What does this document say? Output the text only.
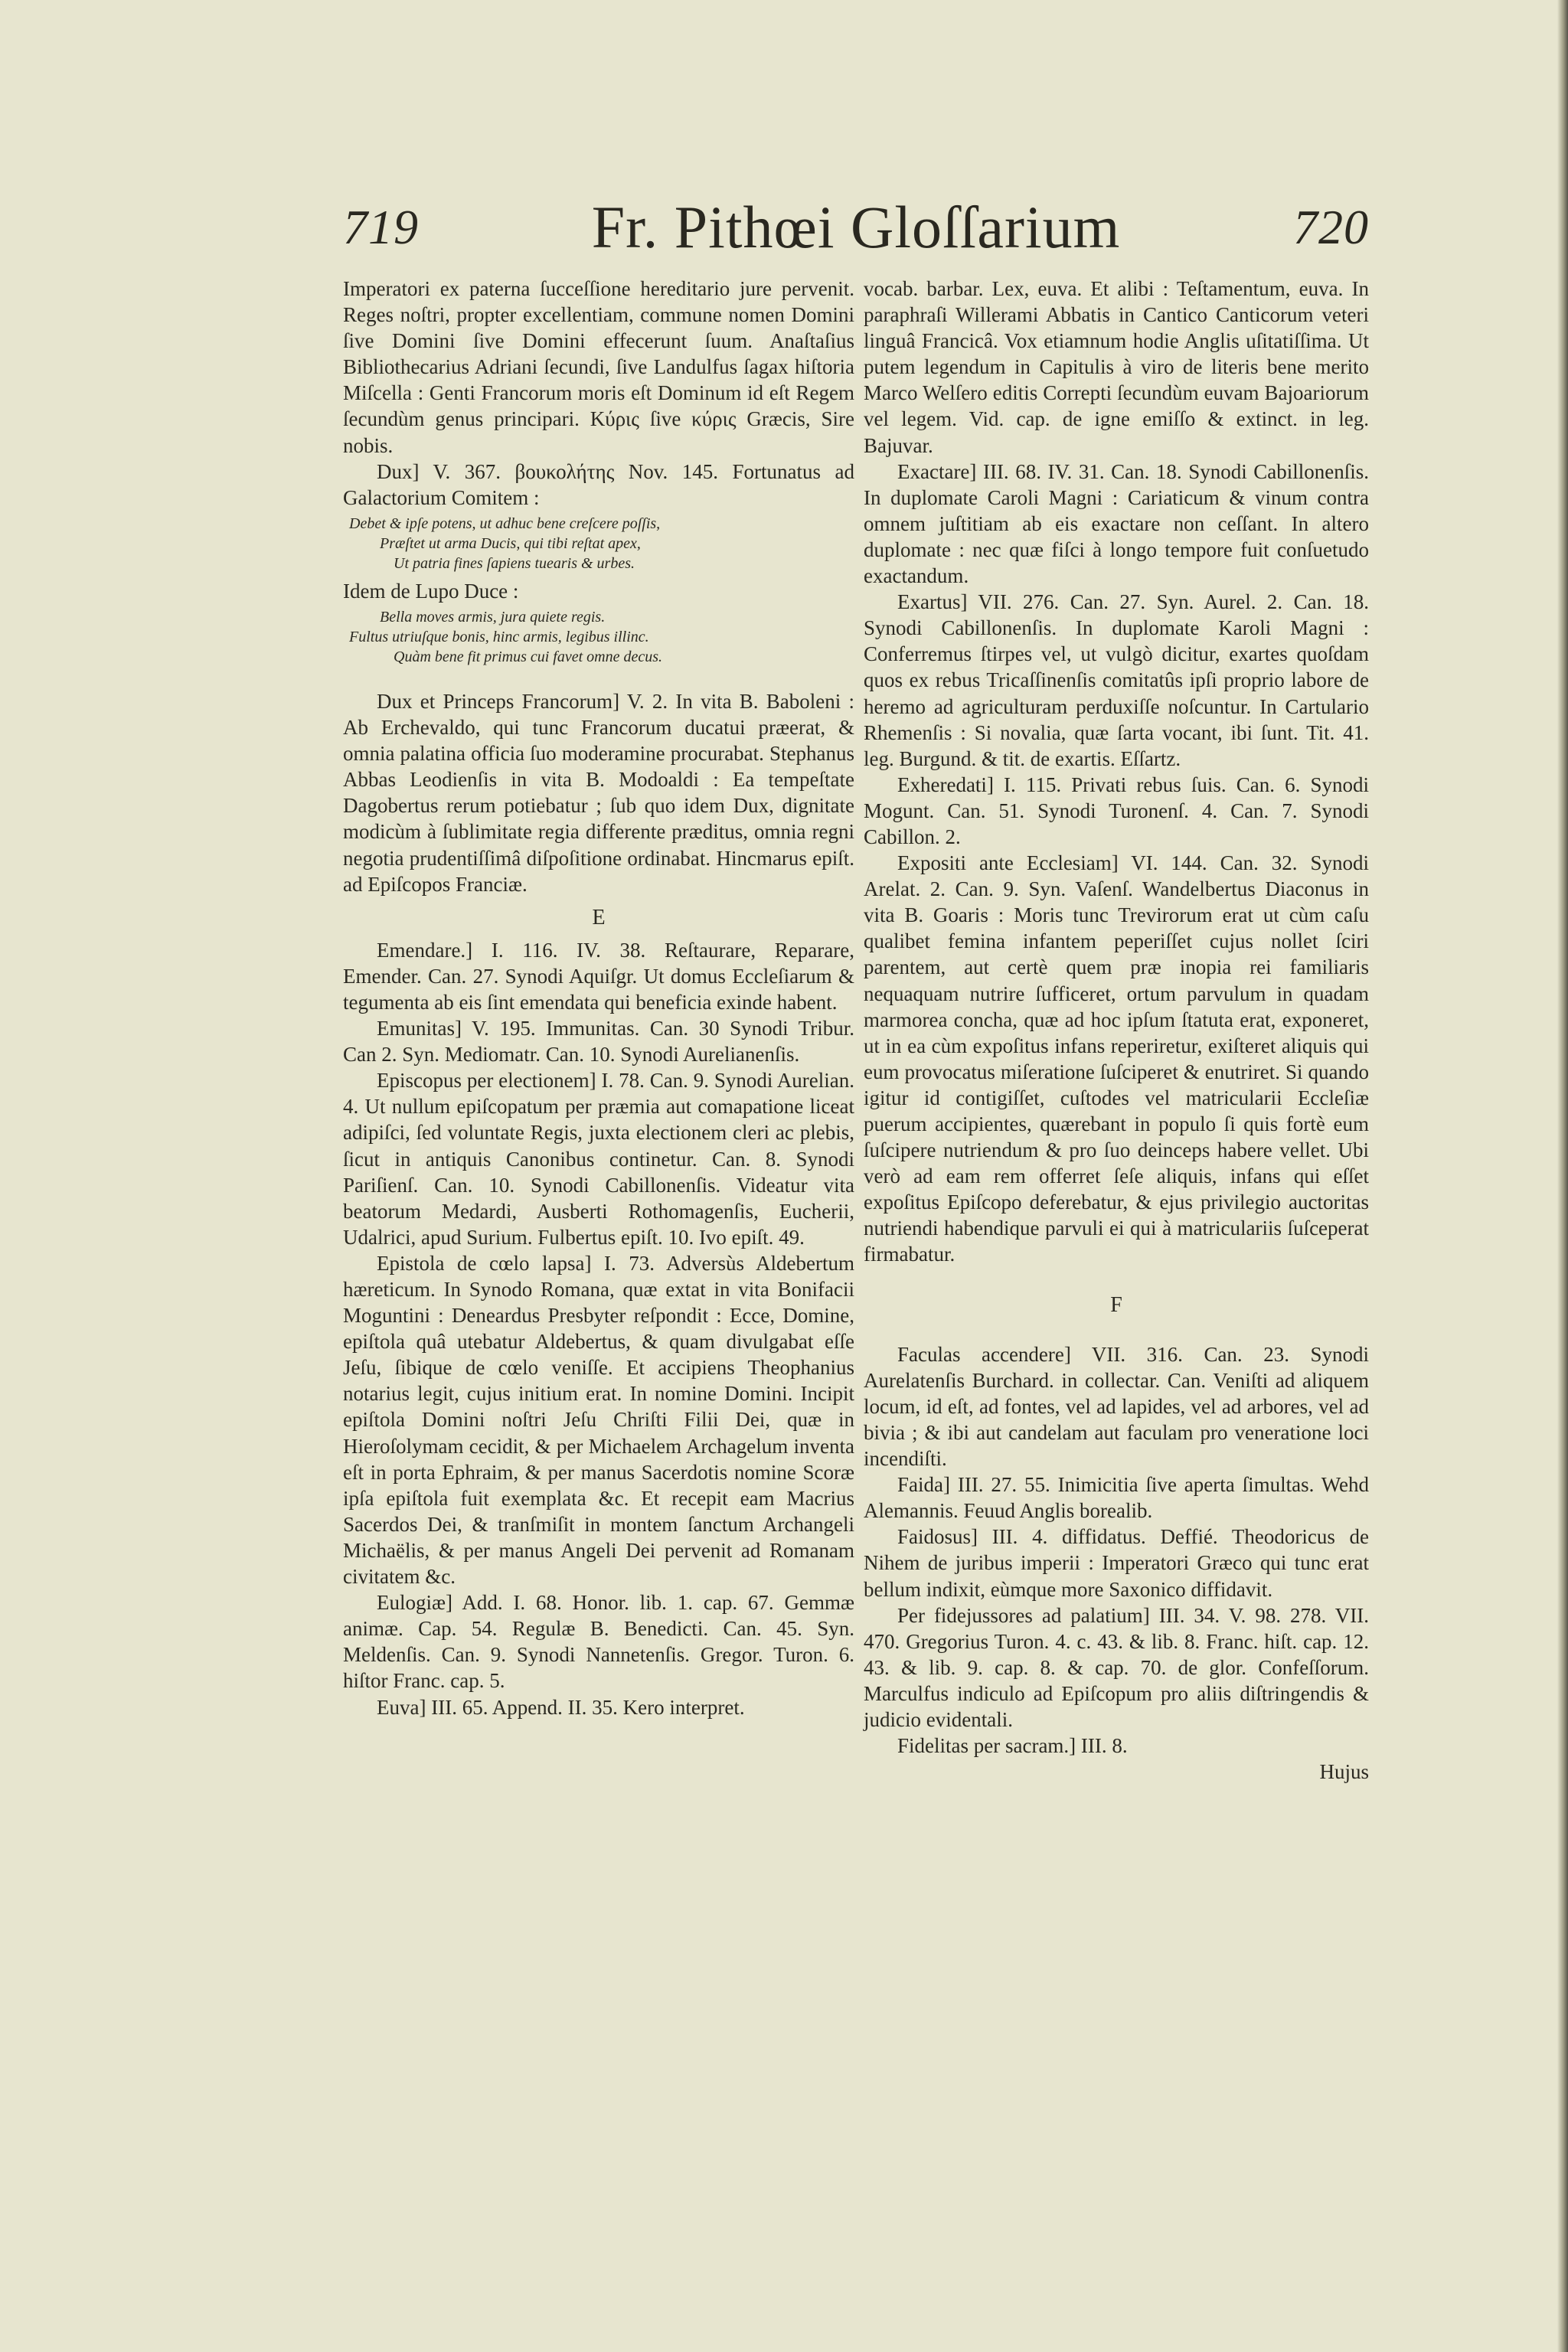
719	Fr. Pithœi Gloſſarium	720

Imperatori ex paterna ſucceſſione hereditario jure pervenit. Reges noſtri, propter excellentiam, commune nomen Domini ſive Domini ſive Domini effecerunt ſuum. Anaſtaſius Bibliothecarius Adriani ſecundi, ſive Landulfus ſagax hiſtoria Miſcella : Genti Francorum moris eſt Dominum id eſt Regem ſecundùm genus principari. Κύρις ſive κύρις Græcis, Sire nobis.

Dux] V. 367. βουκολήτης Nov. 145. Fortunatus ad Galactorium Comitem :

Debet & ipſe potens, ut adhuc bene creſcere poſſis,
Præſtet ut arma Ducis, qui tibi reſtat apex,
Ut patria fines ſapiens tuearis & urbes.

Idem de Lupo Duce :

Bella moves armis, jura quiete regis.
Fultus utriuſque bonis, hinc armis, legibus illinc.
Quàm bene fit primus cui favet omne decus.

Dux et Princeps Francorum] V. 2. In vita B. Baboleni : Ab Erchevaldo, qui tunc Francorum ducatui præerat, & omnia palatina officia ſuo moderamine procurabat. Stephanus Abbas Leodienſis in vita B. Modoaldi : Ea tempeſtate Dagobertus rerum potiebatur ; ſub quo idem Dux, dignitate modicùm à ſublimitate regia differente præditus, omnia regni negotia prudentiſſimâ diſpoſitione ordinabat. Hincmarus epiſt. ad Epiſcopos Franciæ.

E

Emendare.] I. 116. IV. 38. Reſtaurare, Reparare, Emender. Can. 27. Synodi Aquiſgr. Ut domus Eccleſiarum & tegumenta ab eis ſint emendata qui beneficia exinde habent.

Emunitas] V. 195. Immunitas. Can. 30 Synodi Tribur. Can 2. Syn. Mediomatr. Can. 10. Synodi Aurelianenſis.

Episcopus per electionem] I. 78. Can. 9. Synodi Aurelian. 4. Ut nullum epiſcopatum per præmia aut comapatione liceat adipiſci, ſed voluntate Regis, juxta electionem cleri ac plebis, ſicut in antiquis Canonibus continetur. Can. 8. Synodi Pariſienſ. Can. 10. Synodi Cabillonenſis. Videatur vita beatorum Medardi, Ausberti Rothomagenſis, Eucherii, Udalrici, apud Surium. Fulbertus epiſt. 10. Ivo epiſt. 49.

Epistola de cœlo lapsa] I. 73. Adversùs Aldebertum hæreticum. In Synodo Romana, quæ extat in vita Bonifacii Moguntini : Deneardus Presbyter reſpondit : Ecce, Domine, epiſtola quâ utebatur Aldebertus, & quam divulgabat eſſe Jeſu, ſibique de cœlo veniſſe. Et accipiens Theophanius notarius legit, cujus initium erat. In nomine Domini. Incipit epiſtola Domini noſtri Jeſu Chriſti Filii Dei, quæ in Hieroſolymam cecidit, & per Michaelem Archagelum inventa eſt in porta Ephraim, & per manus Sacerdotis nomine Scoræ ipſa epiſtola fuit exemplata &c. Et recepit eam Macrius Sacerdos Dei, & tranſmiſit in montem ſanctum Archangeli Michaëlis, & per manus Angeli Dei pervenit ad Romanam civitatem &c.

Eulogiæ] Add. I. 68. Honor. lib. 1. cap. 67. Gemmæ animæ. Cap. 54. Regulæ B. Benedicti. Can. 45. Syn. Meldenſis. Can. 9. Synodi Nannetenſis. Gregor. Turon. 6. hiſtor Franc. cap. 5.

Euva] III. 65. Append. II. 35. Kero interpret.

vocab. barbar. Lex, euva. Et alibi : Teſtamentum, euva. In paraphraſi Willerami Abbatis in Cantico Canticorum veteri linguâ Francicâ. Vox etiamnum hodie Anglis uſitatiſſima. Ut putem legendum in Capitulis à viro de literis bene merito Marco Welſero editis Correpti ſecundùm euvam Bajoariorum vel legem. Vid. cap. de igne emiſſo & extinct. in leg. Bajuvar.

Exactare] III. 68. IV. 31. Can. 18. Synodi Cabillonenſis. In duplomate Caroli Magni : Cariaticum & vinum contra omnem juſtitiam ab eis exactare non ceſſant. In altero duplomate : nec quæ fiſci à longo tempore fuit conſuetudo exactandum.

Exartus] VII. 276. Can. 27. Syn. Aurel. 2. Can. 18. Synodi Cabillonenſis. In duplomate Karoli Magni : Conferremus ſtirpes vel, ut vulgò dicitur, exartes quoſdam quos ex rebus Tricaſſinenſis comitatûs ipſi proprio labore de heremo ad agriculturam perduxiſſe noſcuntur. In Cartulario Rhemenſis : Si novalia, quæ ſarta vocant, ibi ſunt. Tit. 41. leg. Burgund. & tit. de exartis. Eſſartz.

Exheredati] I. 115. Privati rebus ſuis. Can. 6. Synodi Mogunt. Can. 51. Synodi Turonenſ. 4. Can. 7. Synodi Cabillon. 2.

Expositi ante Ecclesiam] VI. 144. Can. 32. Synodi Arelat. 2. Can. 9. Syn. Vaſenſ. Wandelbertus Diaconus in vita B. Goaris : Moris tunc Trevirorum erat ut cùm caſu qualibet femina infantem peperiſſet cujus nollet ſciri parentem, aut certè quem præ inopia rei familiaris nequaquam nutrire ſufficeret, ortum parvulum in quadam marmorea concha, quæ ad hoc ipſum ſtatuta erat, exponeret, ut in ea cùm expoſitus infans reperiretur, exiſteret aliquis qui eum provocatus miſeratione ſuſciperet & enutriret. Si quando igitur id contigiſſet, cuſtodes vel matricularii Eccleſiæ puerum accipientes, quærebant in populo ſi quis fortè eum ſuſcipere nutriendum & pro ſuo deinceps habere vellet. Ubi verò ad eam rem offerret ſeſe aliquis, infans qui eſſet expoſitus Epiſcopo deferebatur, & ejus privilegio auctoritas nutriendi habendique parvuli ei qui à matriculariis ſuſceperat firmabatur.

F

Faculas accendere] VII. 316. Can. 23. Synodi Aurelatenſis Burchard. in collectar. Can. Veniſti ad aliquem locum, id eſt, ad fontes, vel ad lapides, vel ad arbores, vel ad bivia ; & ibi aut candelam aut faculam pro veneratione loci incendiſti.

Faida] III. 27. 55. Inimicitia ſive aperta ſimultas. Wehd Alemannis. Feuud Anglis borealib.

Faidosus] III. 4. diffidatus. Deffié. Theodoricus de Nihem de juribus imperii : Imperatori Græco qui tunc erat bellum indixit, eùmque more Saxonico diffidavit.

Per fidejussores ad palatium] III. 34. V. 98. 278. VII. 470. Gregorius Turon. 4. c. 43. & lib. 8. Franc. hiſt. cap. 12. 43. & lib. 9. cap. 8. & cap. 70. de glor. Confeſſorum. Marculfus indiculo ad Epiſcopum pro aliis diſtringendis & judicio evidentali.

Fidelitas per sacram.] III. 8.

Hujus
